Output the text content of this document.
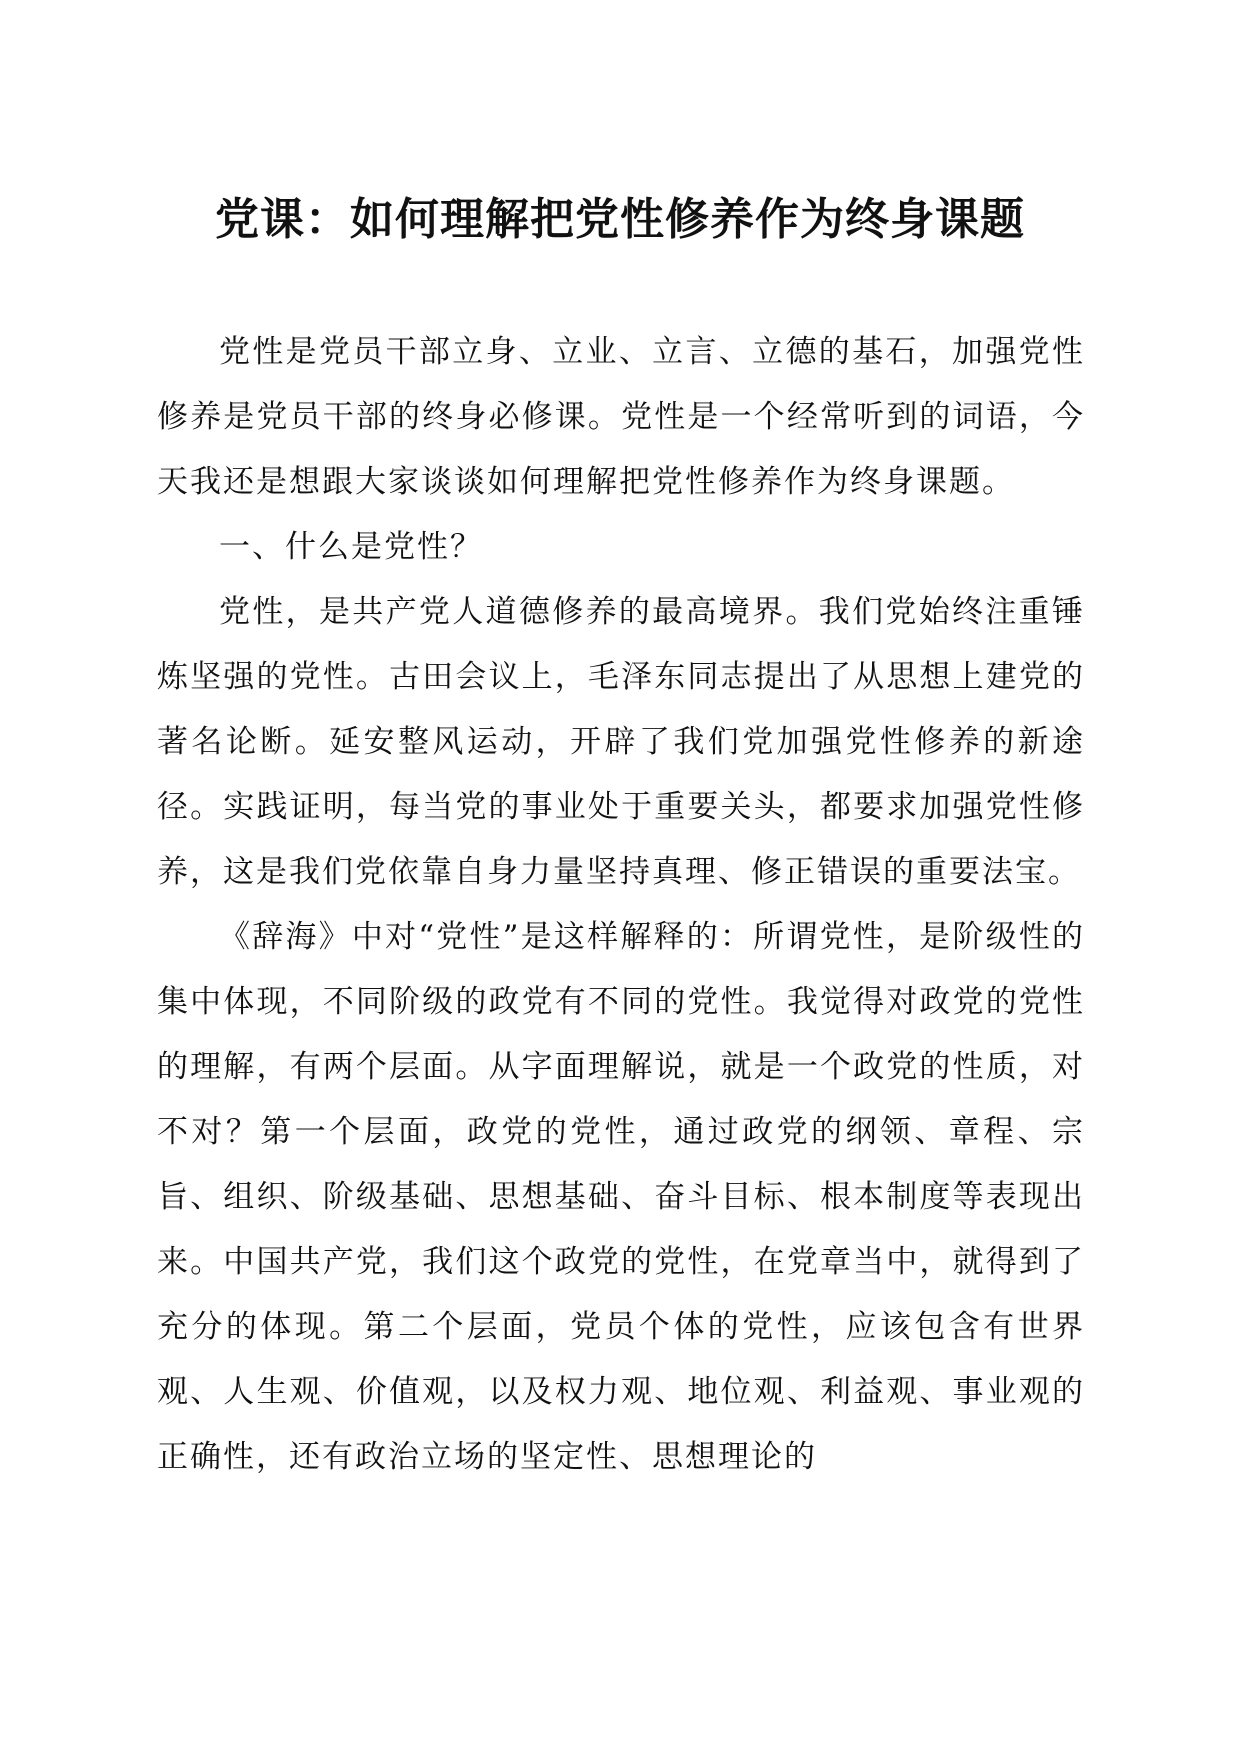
党课：如何理解把党性修养作为终身课题

党性是党员干部立身、立业、立言、立德的基石，加强党性修养是党员干部的终身必修课。党性是一个经常听到的词语，今天我还是想跟大家谈谈如何理解把党性修养作为终身课题。

一、什么是党性？

党性，是共产党人道德修养的最高境界。我们党始终注重锤炼坚强的党性。古田会议上，毛泽东同志提出了从思想上建党的著名论断。延安整风运动，开辟了我们党加强党性修养的新途径。实践证明，每当党的事业处于重要关头，都要求加强党性修养，这是我们党依靠自身力量坚持真理、修正错误的重要法宝。

《辞海》中对“党性”是这样解释的：所谓党性，是阶级性的集中体现，不同阶级的政党有不同的党性。我觉得对政党的党性的理解，有两个层面。从字面理解说，就是一个政党的性质，对不对？第一个层面，政党的党性，通过政党的纲领、章程、宗旨、组织、阶级基础、思想基础、奋斗目标、根本制度等表现出来。中国共产党，我们这个政党的党性，在党章当中，就得到了充分的体现。第二个层面，党员个体的党性，应该包含有世界观、人生观、价值观，以及权力观、地位观、利益观、事业观的正确性，还有政治立场的坚定性、思想理论的
